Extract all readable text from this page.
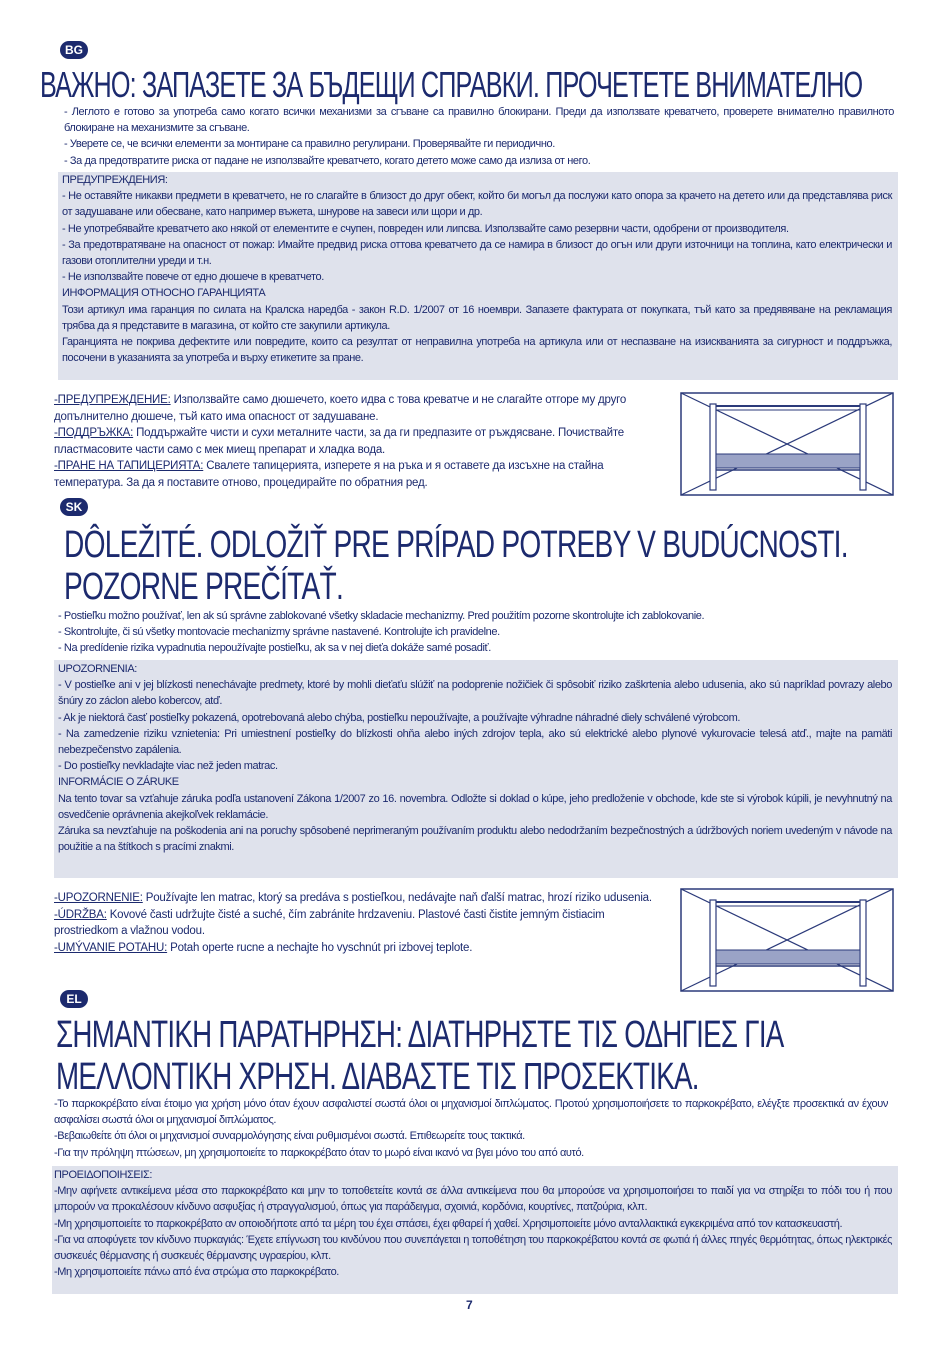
BG
ВАЖНО: ЗАПАЗЕТЕ ЗА БЪДЕЩИ СПРАВКИ. ПРОЧЕТЕТЕ ВНИМАТЕЛНО

- Леглото е готово за употреба само когато всички механизми за сгъване са правилно блокирани. Преди да използвате креватчето, проверете внимателно правилното блокиране на механизмите за сгъване.

- Уверете се, че всички елементи за монтиране са правилно регулирани. Проверявайте ги периодично.

- За да предотвратите риска от падане не използвайте креватчето, когато детето може само да излиза от него.

ПРЕДУПРЕЖДЕНИЯ:

- Не оставяйте никакви предмети в креватчето, не го слагайте в близост до друг обект, който би могъл да послужи като опора за крачето на детето или да представлява риск от задушаване или обесване, като например въжета, шнурове на завеси или щори и др.

- Не употребявайте креватчето ако някой от елементите е счупен, повреден или липсва. Използвайте само резервни части, одобрени от производителя.

- За предотвратяване на опасност от пожар: Имайте предвид риска оттова креватчето да се намира в близост до огън или други източници на топлина, като електрически и газови отоплителни уреди и т.н.

- Не използвайте повече от едно дюшече в креватчето.

ИНФОРМАЦИЯ ОТНОСНО ГАРАНЦИЯТА

Този артикул има гаранция по силата на Кралска наредба - закон R.D. 1/2007 от 16 ноември. Запазете фактурата от покупката, тъй като за предявяване на рекламация трябва да я представите в магазина, от който сте закупили артикула.

Гаранцията не покрива дефектите или повредите, които са резултат от неправилна употреба на артикула или от неспазване на изискванията за сигурност и поддръжка, посочени в указанията за употреба и върху етикетите за пране.

-ПРЕДУПРЕЖДЕНИЕ: Използвайте само дюшечето, което идва с това креватче и не слагайте отгоре му друго допълнително дюшече, тъй като има опасност от задушаване.

-ПОДДРЪЖКА: Поддържайте чисти и сухи металните части, за да ги предпазите от ръждясване. Почиствайте пластмасовите части само с мек миещ препарат и хладка вода.

-ПРАНЕ НА ТАПИЦЕРИЯТА: Свалете тапицерията, изперете я на ръка и я оставете да изсъхне на стайна температура. За да я поставите отново, процедирайте по обратния ред.

SK
DÔLEŽITÉ. ODLOŽIŤ PRE PRÍPAD POTREBY V BUDÚCNOSTI.
POZORNE PREČÍTAŤ.

- Postieľku možno používať, len ak sú správne zablokované všetky skladacie mechanizmy. Pred použitím pozorne skontrolujte ich zablokovanie.

- Skontrolujte, či sú všetky montovacie mechanizmy správne nastavené. Kontrolujte ich pravidelne.

- Na predídenie rizika vypadnutia nepoužívajte postieľku, ak sa v nej dieťa dokáže samé posadiť.

UPOZORNENIA:

- V postieľke ani v jej blízkosti nenechávajte predmety, ktoré by mohli dieťaťu slúžiť na podoprenie nožičiek či spôsobiť riziko zaškrtenia alebo udusenia, ako sú napríklad povrazy alebo šnúry zo záclon alebo kobercov, atď.

- Ak je niektorá časť postieľky pokazená, opotrebovaná alebo chýba, postieľku nepoužívajte, a používajte výhradne náhradné diely schválené výrobcom.

- Na zamedzenie riziku vznietenia: Pri umiestnení postieľky do blízkosti ohňa alebo iných zdrojov tepla, ako sú elektrické alebo plynové vykurovacie telesá atď., majte na pamäti nebezpečenstvo zapálenia.

- Do postieľky nevkladajte viac než jeden matrac.

INFORMÁCIE O ZÁRUKE

Na tento tovar sa vzťahuje záruka podľa ustanovení Zákona 1/2007 zo 16. novembra. Odložte si doklad o kúpe, jeho predloženie v obchode, kde ste si výrobok kúpili, je nevyhnutný na osvedčenie oprávnenia akejkoľvek reklamácie.

Záruka sa nevzťahuje na poškodenia ani na poruchy spôsobené neprimeraným používaním produktu alebo nedodržaním bezpečnostných a údržbových noriem uvedeným v návode na použitie a na štítkoch s pracími znakmi.

-UPOZORNENIE: Používajte len matrac, ktorý sa predáva s postieľkou, nedávajte naň ďalší matrac, hrozí riziko udusenia.

-ÚDRŽBA: Kovové časti udržujte čisté a suché, čím zabránite hrdzaveniu. Plastové časti čistite jemným čistiacim prostriedkom a vlažnou vodou.

-UMÝVANIE POTAHU: Potah operte rucne a nechajte ho vyschnút pri izbovej teplote.

EL
ΣΗΜΑΝΤΙΚΗ ΠΑΡΑΤΗΡΗΣΗ: ΔΙΑΤΗΡΗΣΤΕ ΤΙΣ ΟΔΗΓΙΕΣ ΓΙΑ
ΜΕΛΛΟΝΤΙΚΗ ΧΡΗΣΗ. ΔΙΑΒΑΣΤΕ ΤΙΣ ΠΡΟΣΕΚΤΙΚΑ.

-Το παρκοκρέβατο είναι έτοιμο για χρήση μόνο όταν έχουν ασφαλιστεί σωστά όλοι οι μηχανισμοί διπλώματος. Προτού χρησιμοποιήσετε το παρκοκρέβατο, ελέγξτε προσεκτικά αν έχουν ασφαλίσει σωστά όλοι οι μηχανισμοί διπλώματος.

-Βεβαιωθείτε ότι όλοι οι μηχανισμοί συναρμολόγησης είναι ρυθμισμένοι σωστά. Επιθεωρείτε τους τακτικά.

-Για την πρόληψη πτώσεων, μη χρησιμοποιείτε το παρκοκρέβατο όταν το μωρό είναι ικανό να βγει μόνο του από αυτό.

ΠΡΟΕΙΔΟΠΟΙΗΣΕΙΣ:

-Μην αφήνετε αντικείμενα μέσα στο παρκοκρέβατο και μην το τοποθετείτε κοντά σε άλλα αντικείμενα που θα μπορούσε να χρησιμοποιήσει το παιδί για να στηρίξει το πόδι του ή που μπορούν να προκαλέσουν κίνδυνο ασφυξίας ή στραγγαλισμού, όπως για παράδειγμα, σχοινιά, κορδόνια, κουρτίνες, πατζούρια, κλπ.

-Μη χρησιμοποιείτε το παρκοκρέβατο αν οποιοδήποτε από τα μέρη του έχει σπάσει, έχει φθαρεί ή χαθεί. Χρησιμοποιείτε μόνο ανταλλακτικά εγκεκριμένα από τον κατασκευαστή.

-Για να αποφύγετε τον κίνδυνο πυρκαγιάς: Έχετε επίγνωση του κινδύνου που συνεπάγεται η τοποθέτηση του παρκοκρέβατου κοντά σε φωτιά ή άλλες πηγές θερμότητας, όπως ηλεκτρικές συσκευές θέρμανσης ή συσκευές θέρμανσης υγραερίου, κλπ.

-Μη χρησιμοποιείτε πάνω από ένα στρώμα στο παρκοκρέβατο.

7
